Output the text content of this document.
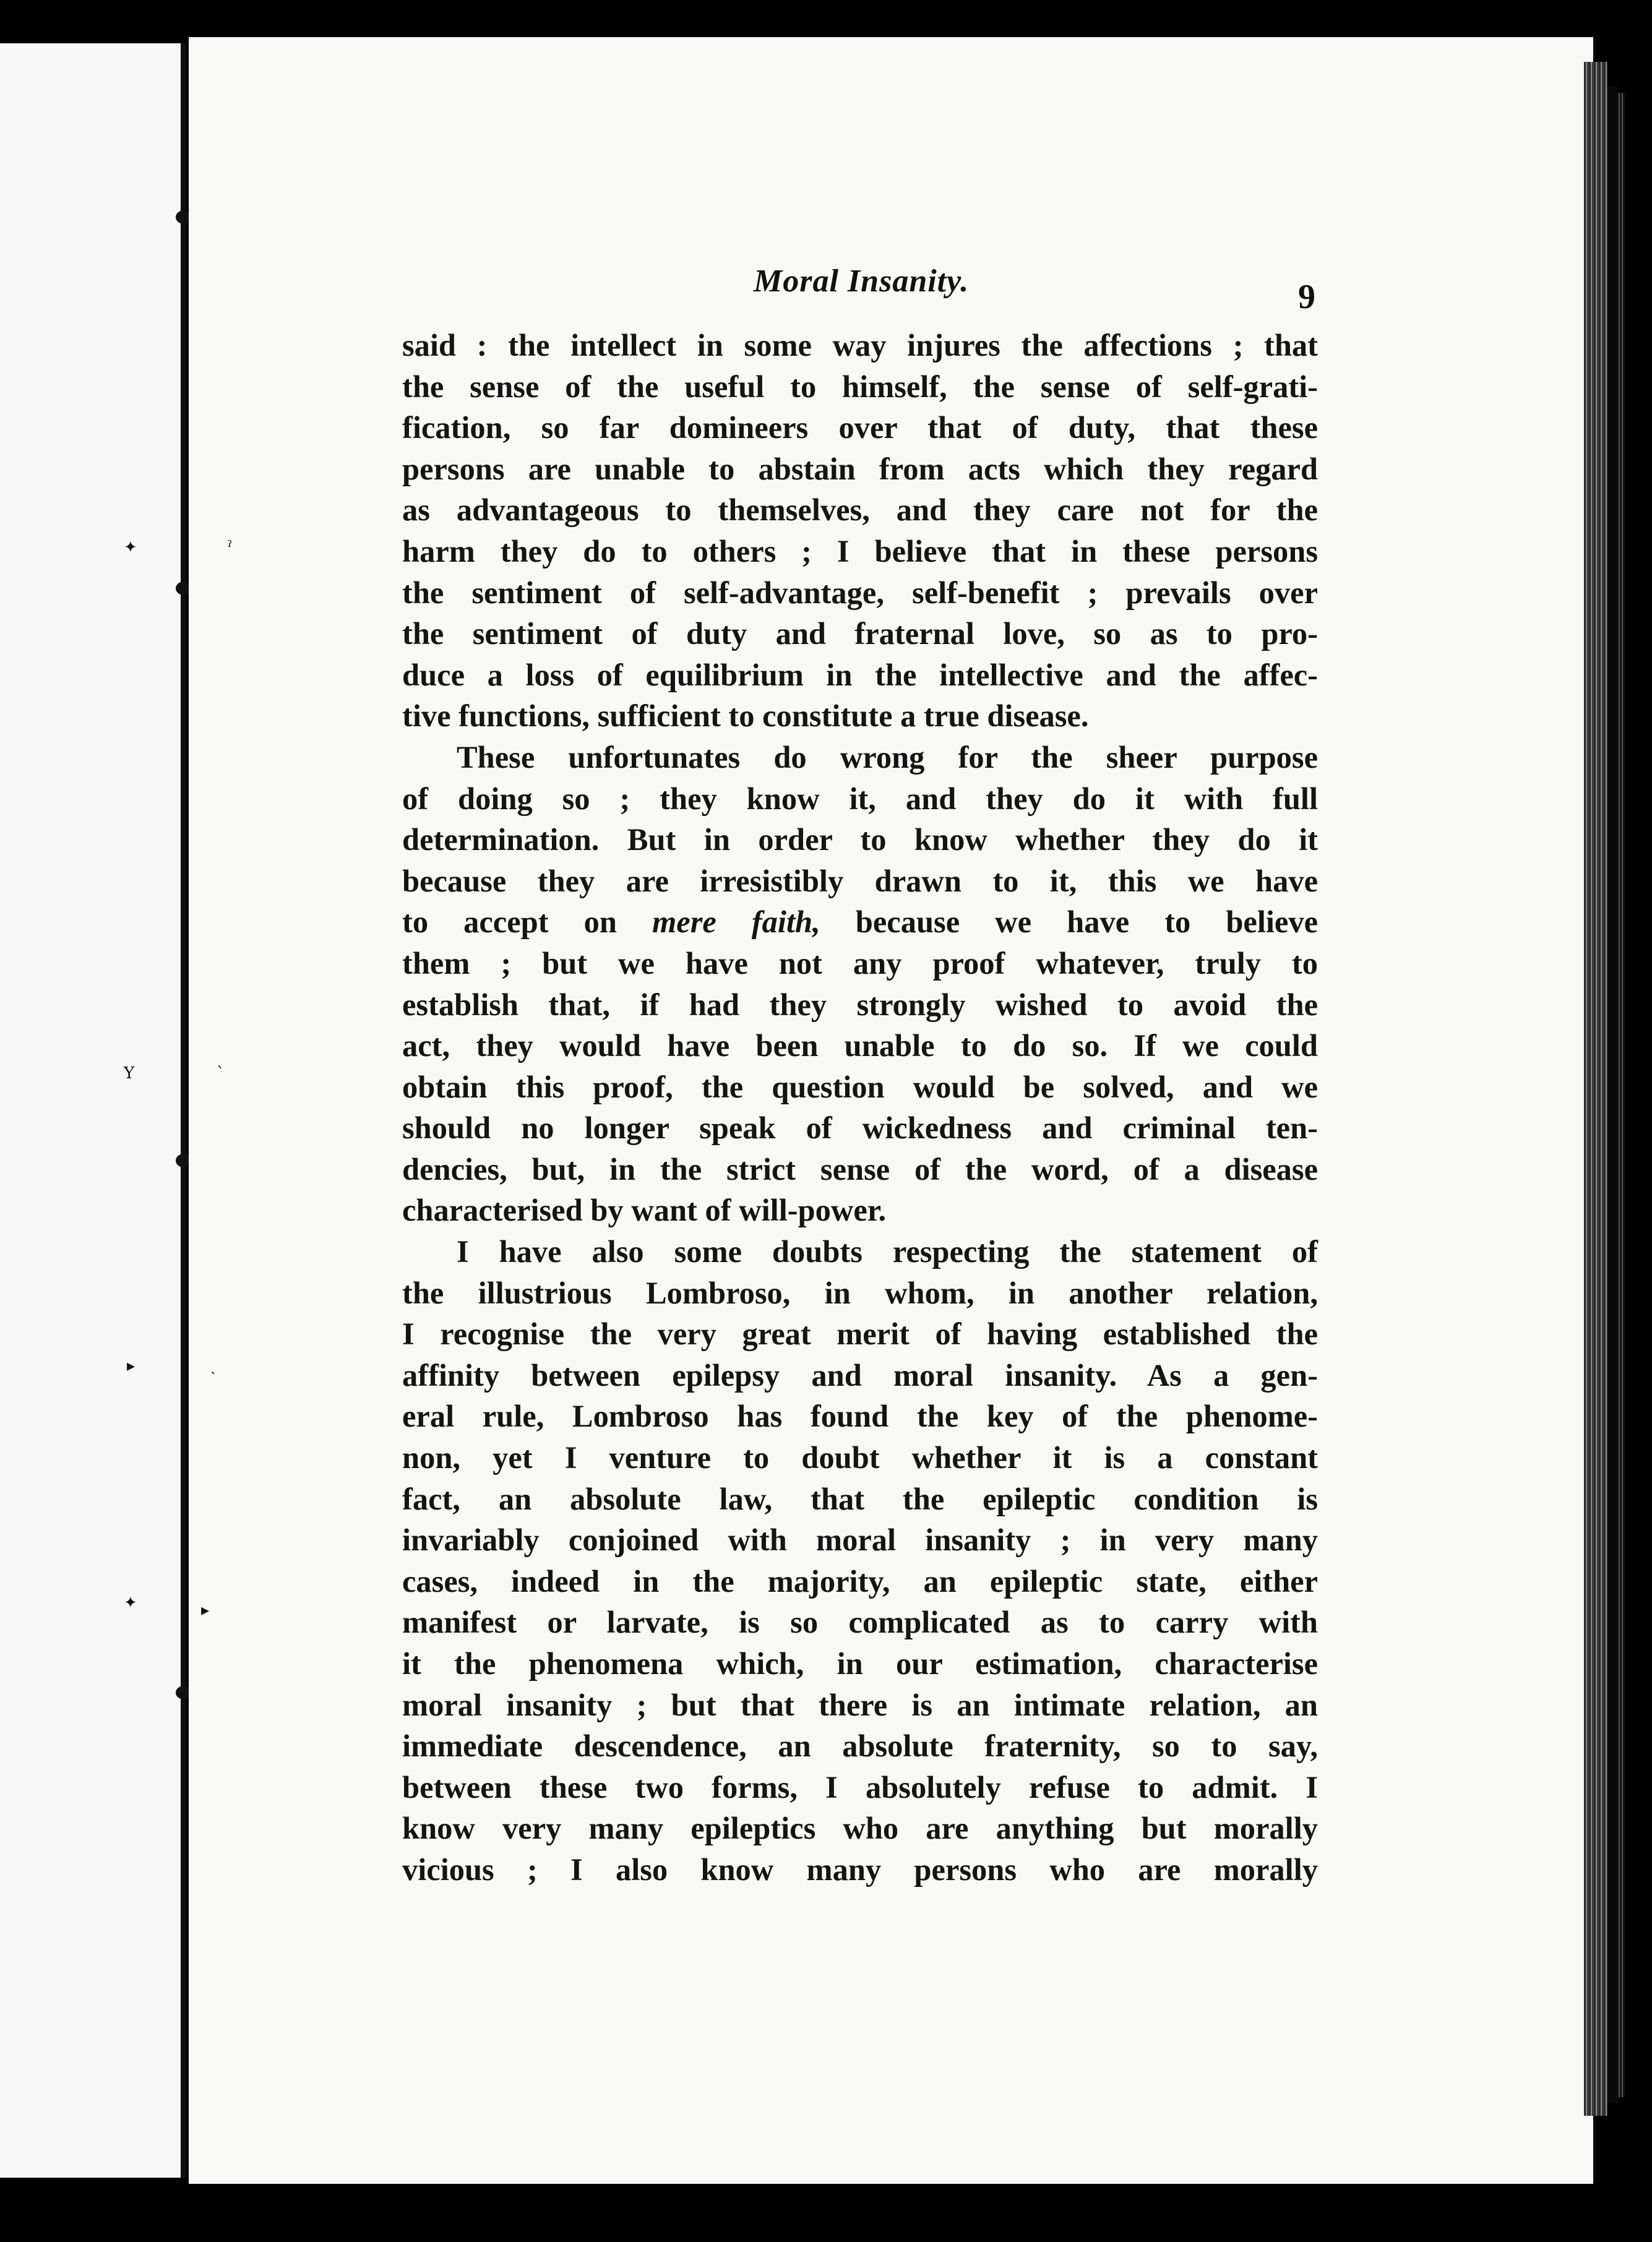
✦	ˀ
Y	ˋ
▸	ˎ
✦	▸
Moral Insanity.	9
said : the intellect in some way injures the affections ; that
the sense of the useful to himself, the sense of self-grati-
fication, so far domineers over that of duty, that these
persons are unable to abstain from acts which they regard
as advantageous to themselves, and they care not for the
harm they do to others ; I believe that in these persons
the sentiment of self-advantage, self-benefit ; prevails over
the sentiment of duty and fraternal love, so as to pro-
duce a loss of equilibrium in the intellective and the affec-
tive functions, sufficient to constitute a true disease.
These unfortunates do wrong for the sheer purpose
of doing so ; they know it, and they do it with full
determination. But in order to know whether they do it
because they are irresistibly drawn to it, this we have
to accept on mere faith, because we have to believe
them ; but we have not any proof whatever, truly to
establish that, if had they strongly wished to avoid the
act, they would have been unable to do so. If we could
obtain this proof, the question would be solved, and we
should no longer speak of wickedness and criminal ten-
dencies, but, in the strict sense of the word, of a disease
characterised by want of will-power.
I have also some doubts respecting the statement of
the illustrious Lombroso, in whom, in another relation,
I recognise the very great merit of having established the
affinity between epilepsy and moral insanity. As a gen-
eral rule, Lombroso has found the key of the phenome-
non, yet I venture to doubt whether it is a constant
fact, an absolute law, that the epileptic condition is
invariably conjoined with moral insanity ; in very many
cases, indeed in the majority, an epileptic state, either
manifest or larvate, is so complicated as to carry with
it the phenomena which, in our estimation, characterise
moral insanity ; but that there is an intimate relation, an
immediate descendence, an absolute fraternity, so to say,
between these two forms, I absolutely refuse to admit. I
know very many epileptics who are anything but morally
vicious ; I also know many persons who are morally
